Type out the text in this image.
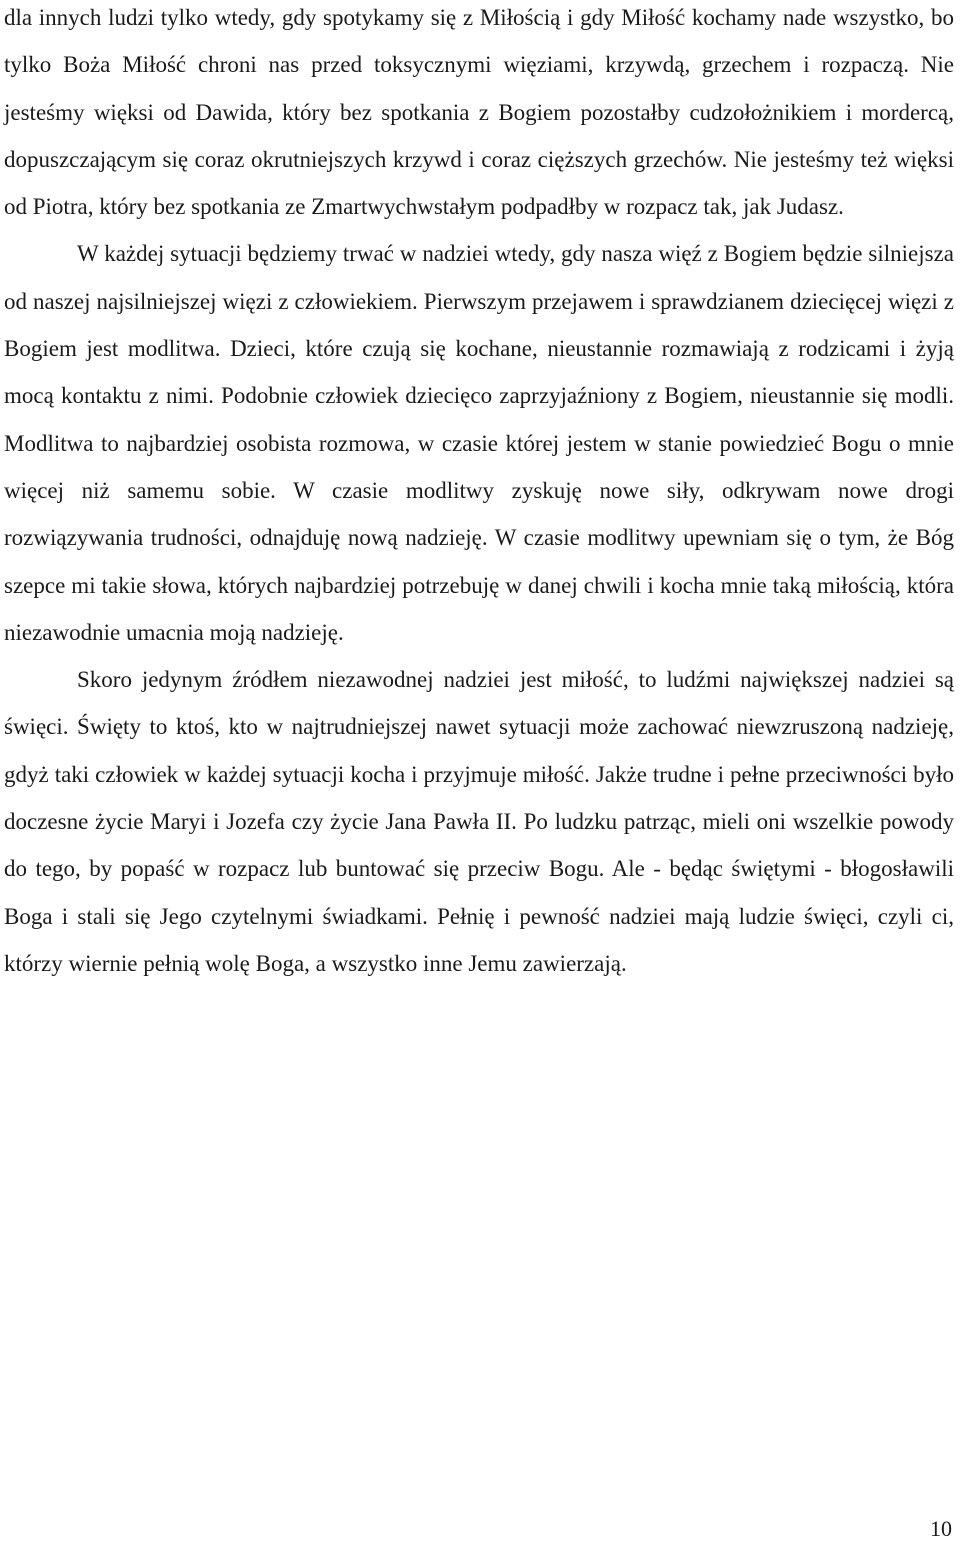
dla innych ludzi tylko wtedy, gdy spotykamy się z Miłością i gdy Miłość kochamy nade wszystko, bo tylko Boża Miłość chroni nas przed toksycznymi więziami, krzywdą, grzechem i rozpaczą. Nie jesteśmy więksi od Dawida, który bez spotkania z Bogiem pozostałby cudzołożnikiem i mordercą, dopuszczającym się coraz okrutniejszych krzywd i coraz cięższych grzechów. Nie jesteśmy też więksi od Piotra, który bez spotkania ze Zmartwychwstałym podpadłby w rozpacz tak, jak Judasz.

W każdej sytuacji będziemy trwać w nadziei wtedy, gdy nasza więź z Bogiem będzie silniejsza od naszej najsilniejszej więzi z człowiekiem. Pierwszym przejawem i sprawdzianem dziecięcej więzi z Bogiem jest modlitwa. Dzieci, które czują się kochane, nieustannie rozmawiają z rodzicami i żyją mocą kontaktu z nimi. Podobnie człowiek dziecięco zaprzyjaźniony z Bogiem, nieustannie się modli. Modlitwa to najbardziej osobista rozmowa, w czasie której jestem w stanie powiedzieć Bogu o mnie więcej niż samemu sobie. W czasie modlitwy zyskuję nowe siły, odkrywam nowe drogi rozwiązywania trudności, odnajduję nową nadzieję. W czasie modlitwy upewniam się o tym, że Bóg szepce mi takie słowa, których najbardziej potrzebuję w danej chwili i kocha mnie taką miłością, która niezawodnie umacnia moją nadzieję.

Skoro jedynym źródłem niezawodnej nadziei jest miłość, to ludźmi największej nadziei są święci. Święty to ktoś, kto w najtrudniejszej nawet sytuacji może zachować niewzruszoną nadzieję, gdyż taki człowiek w każdej sytuacji kocha i przyjmuje miłość. Jakże trudne i pełne przeciwności było doczesne życie Maryi i Jozefa czy życie Jana Pawła II. Po ludzku patrząc, mieli oni wszelkie powody do tego, by popaść w rozpacz lub buntować się przeciw Bogu. Ale - będąc świętymi - błogosławili Boga i stali się Jego czytelnymi świadkami. Pełnię i pewność nadziei mają ludzie święci, czyli ci, którzy wiernie pełnią wolę Boga, a wszystko inne Jemu zawierzają.

10
